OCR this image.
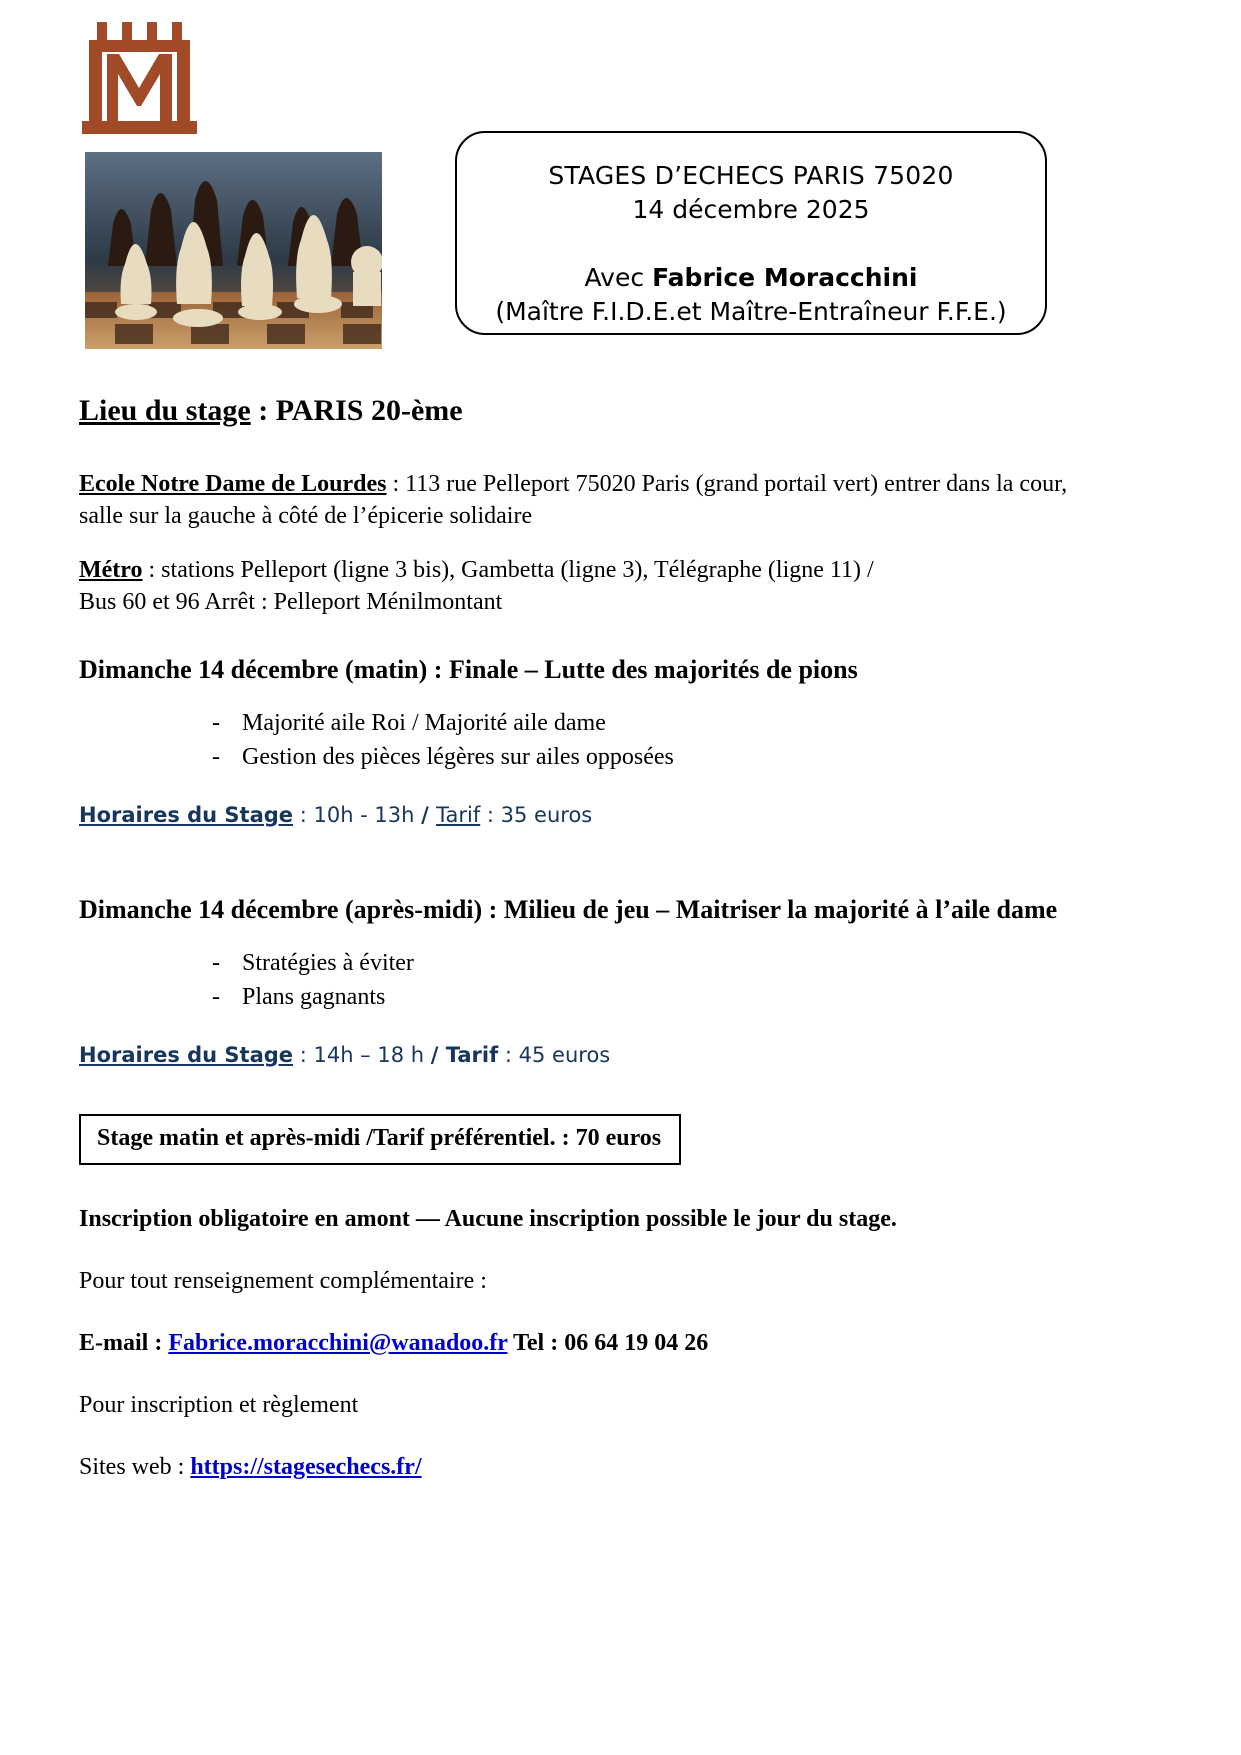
STAGES D’ECHECS PARIS 75020
14 décembre 2025
Avec Fabrice Moracchini
(Maître F.I.D.E.et Maître-Entraîneur F.F.E.)
Lieu du stage : PARIS 20-ème

Ecole Notre Dame de Lourdes : 113 rue Pelleport 75020 Paris (grand portail vert) entrer dans la cour, salle sur la gauche à côté de l’épicerie solidaire

Métro : stations Pelleport (ligne 3 bis), Gambetta (ligne 3), Télégraphe (ligne 11) /
Bus 60 et 96 Arrêt : Pelleport Ménilmontant

Dimanche 14 décembre (matin) : Finale – Lutte des majorités de pions
- Majorité aile Roi / Majorité aile dame
- Gestion des pièces légères sur ailes opposées

Horaires du Stage : 10h - 13h / Tarif : 35 euros

Dimanche 14 décembre (après-midi) : Milieu de jeu – Maitriser la majorité à l’aile dame
- Stratégies à éviter
- Plans gagnants

Horaires du Stage : 14h – 18 h / Tarif : 45 euros

Stage matin et après-midi /Tarif préférentiel. : 70 euros

Inscription obligatoire en amont — Aucune inscription possible le jour du stage.

Pour tout renseignement complémentaire :

E-mail : Fabrice.moracchini@wanadoo.fr Tel : 06 64 19 04 26

Pour inscription et règlement

Sites web : https://stagesechecs.fr/
